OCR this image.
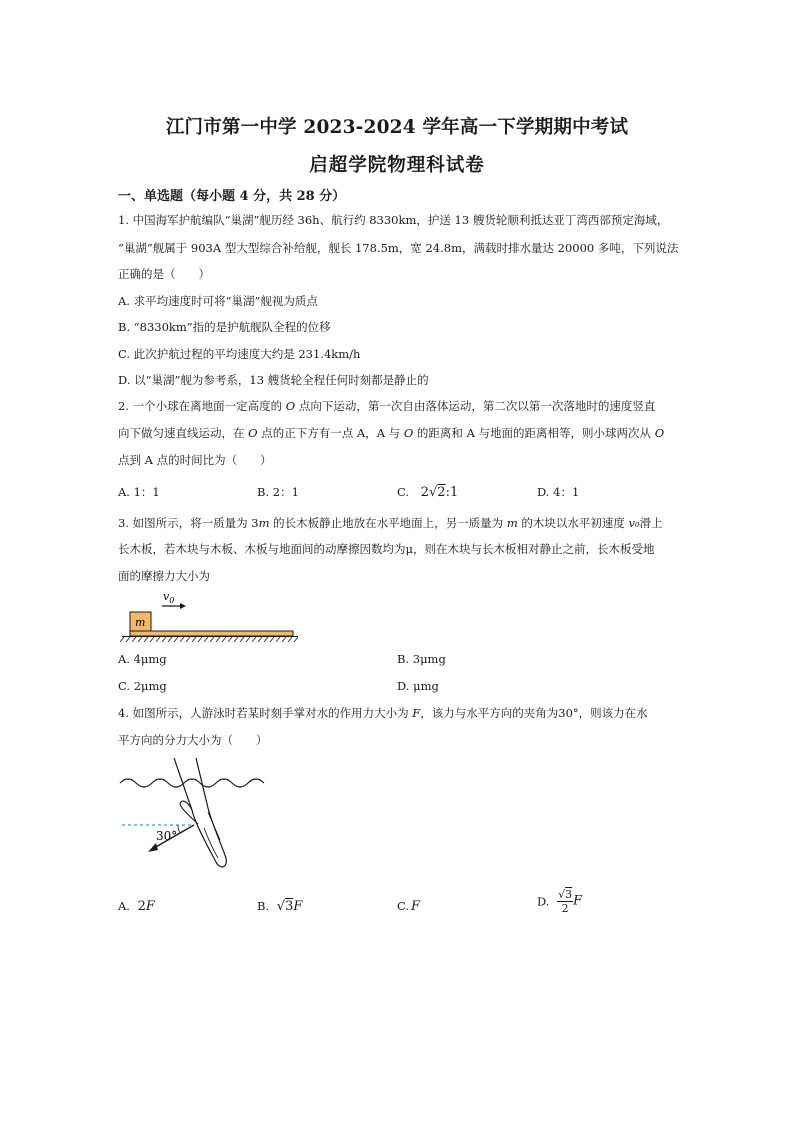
江门市第一中学 2023-2024 学年高一下学期期中考试
启超学院物理科试卷
一、单选题（每小题 4 分，共 28 分）
1. 中国海军护航编队“巢湖”舰历经 36h、航行约 8330km，护送 13 艘货轮顺利抵达亚丁湾西部预定海域，
“巢湖”舰属于 903A 型大型综合补给舰，舰长 178.5m，宽 24.8m，满载时排水量达 20000 多吨，下列说法
正确的是（　　）
A. 求平均速度时可将“巢湖”舰视为质点
B. “8330km”指的是护航舰队全程的位移
C. 此次护航过程的平均速度大约是 231.4km/h
D. 以“巢湖”舰为参考系，13 艘货轮全程任何时刻都是静止的
2. 一个小球在离地面一定高度的 O 点向下运动，第一次自由落体运动，第二次以第一次落地时的速度竖直
向下做匀速直线运动，在 O 点的正下方有一点 A，A 与 O 的距离和 A 与地面的距离相等，则小球两次从 O
点到 A 点的时间比为（　　）
A. 1：1	B. 2：1	C. 2√2:1	D. 4：1
3. 如图所示，将一质量为 3m 的长木板静止地放在水平地面上，另一质量为 m 的木块以水平初速度 v₀滑上
长木板，若木块与木板、木板与地面间的动摩擦因数均为μ，则在木块与长木板相对静止之前，长木板受地
面的摩擦力大小为
$v_0$
m
A. 4μmg	B. 3μmg
C. 2μmg	D. μmg
4. 如图所示，人游泳时若某时刻手掌对水的作用力大小为 F，该力与水平方向的夹角为30°，则该力在水
平方向的分力大小为（　　）
30°
A. 2F	B. √3F	C. F	D. $\frac{√3}{2}$ F
